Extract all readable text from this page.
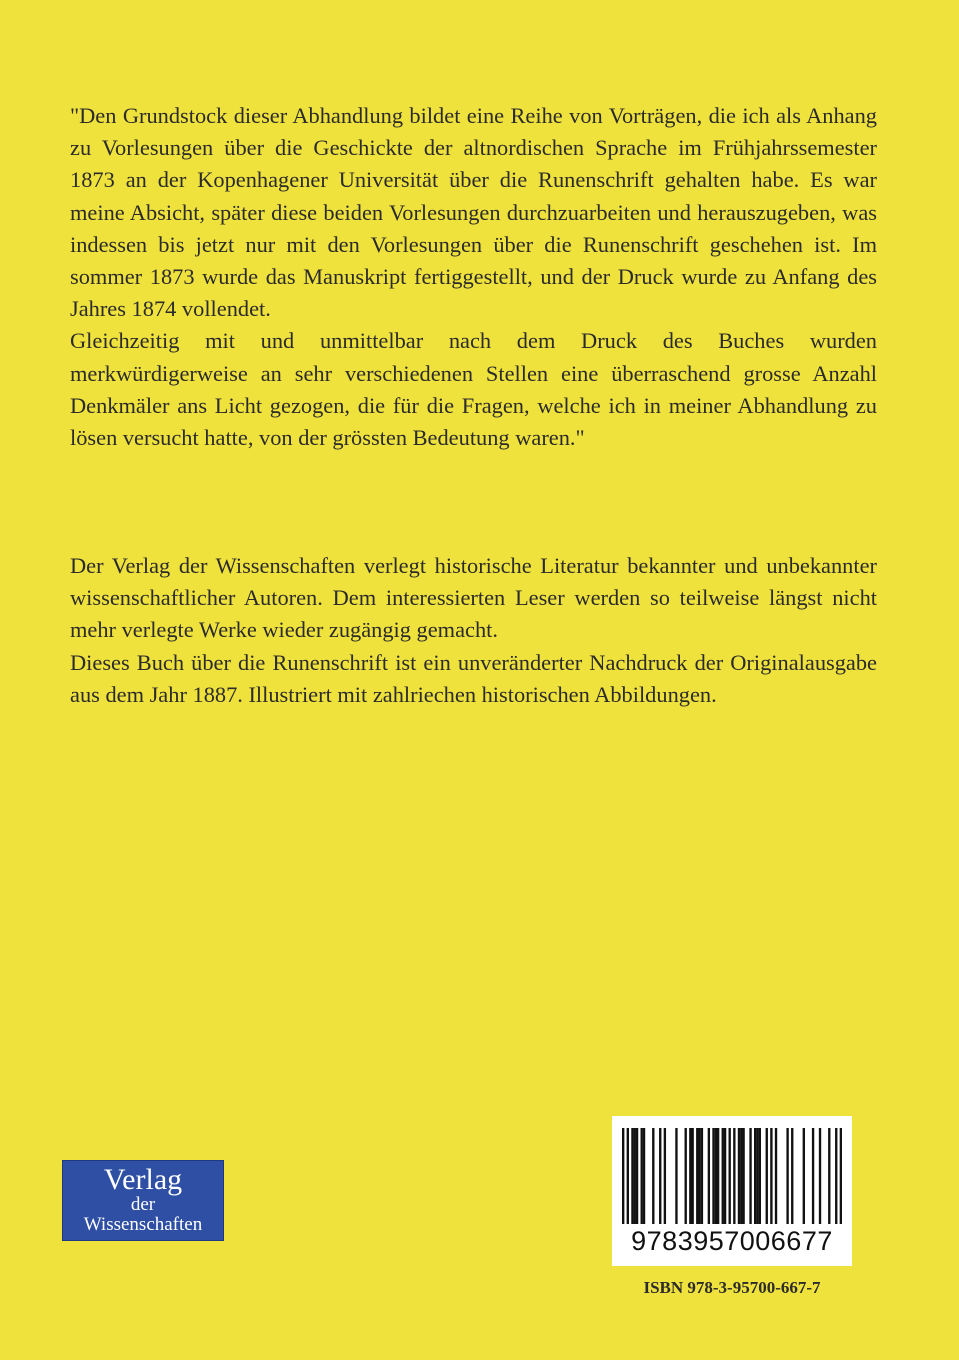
"Den Grundstock dieser Abhandlung bildet eine Reihe von Vorträgen, die ich als Anhang zu Vorlesungen über die Geschickte der altnordischen Sprache im Frühjahrssemester 1873 an der Kopenhagener Universität über die Runenschrift gehalten habe. Es war meine Absicht, später diese beiden Vorlesungen durchzuarbeiten und herauszugeben, was indessen bis jetzt nur mit den Vorlesungen über die Runenschrift geschehen ist. Im sommer 1873 wurde das Manuskript fertiggestellt, und der Druck wurde zu Anfang des Jahres 1874 vollendet.

Gleichzeitig mit und unmittelbar nach dem Druck des Buches wurden merkwürdigerweise an sehr verschiedenen Stellen eine überraschend grosse Anzahl Denkmäler ans Licht gezogen, die für die Fragen, welche ich in meiner Abhandlung zu lösen versucht hatte, von der grössten Bedeutung waren."

Der Verlag der Wissenschaften verlegt historische Literatur bekannter und unbekannter wissenschaftlicher Autoren. Dem interessierten Leser werden so teilweise längst nicht mehr verlegte Werke wieder zugängig gemacht.

Dieses Buch über die Runenschrift ist ein unveränderter Nachdruck der Originalausgabe aus dem Jahr 1887. Illustriert mit zahlriechen historischen Abbildungen.

Verlag
der
Wissenschaften
9783957006677
ISBN 978-3-95700-667-7
